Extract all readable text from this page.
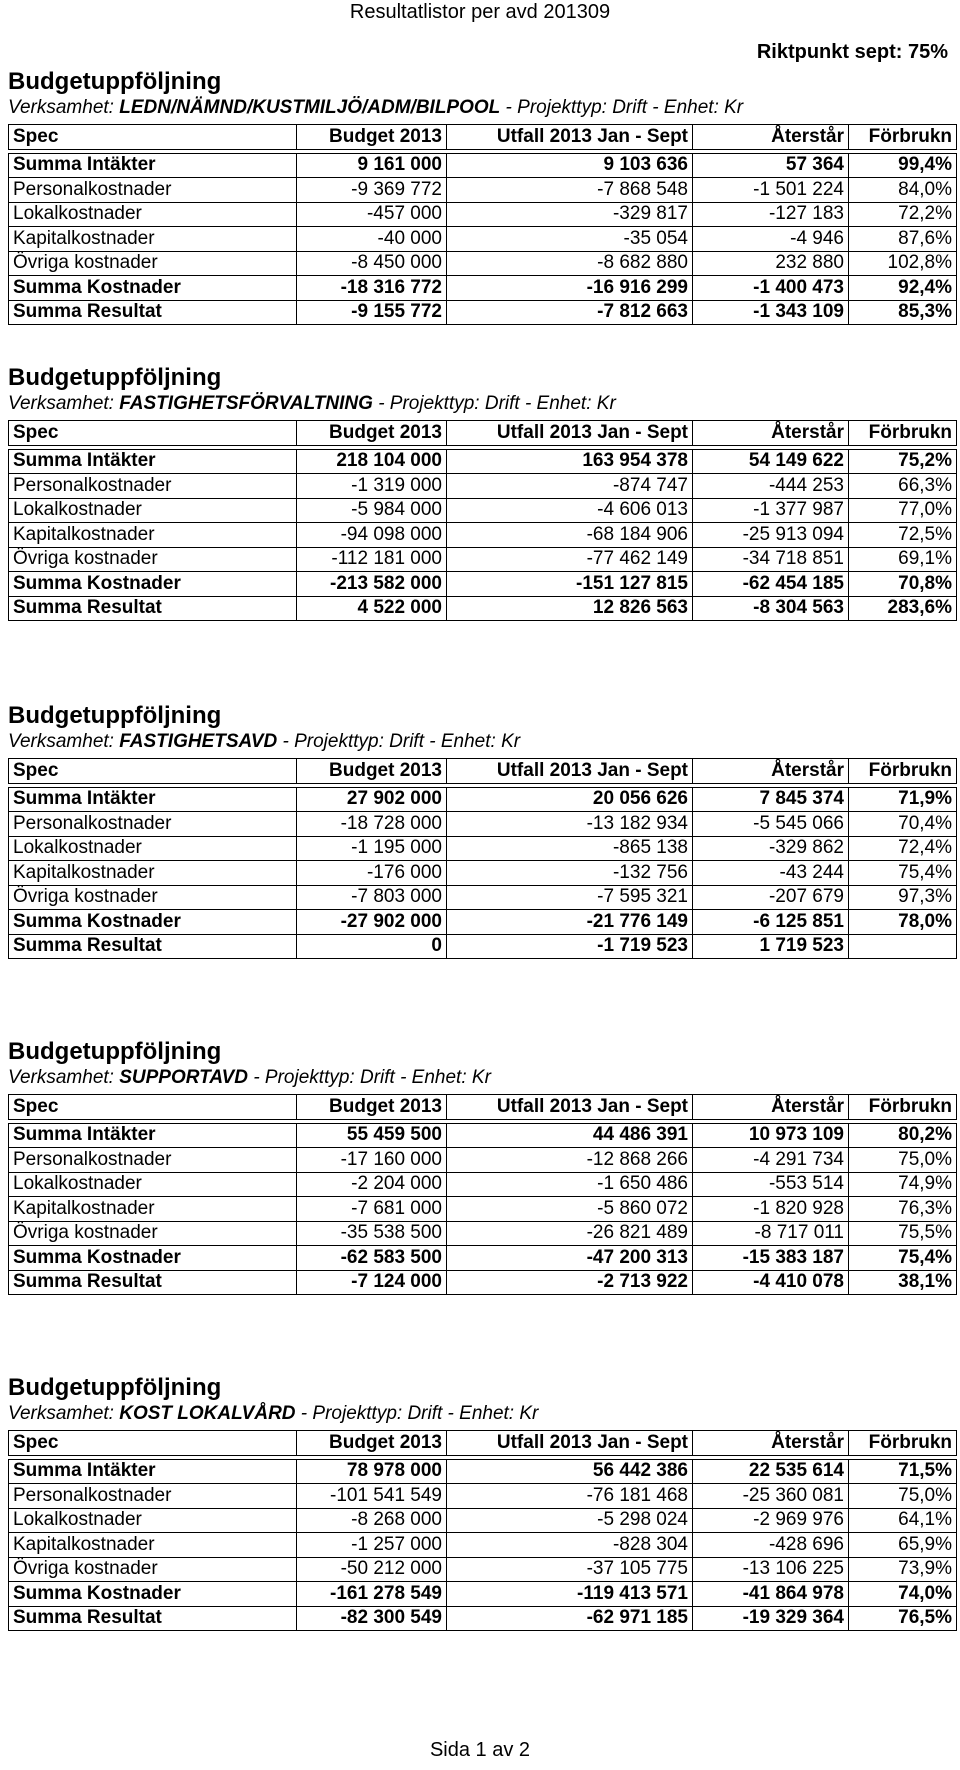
Resultatlistor per avd 201309
Riktpunkt sept: 75%
Budgetuppföljning
Verksamhet: LEDN/NÄMND/KUSTMILJÖ/ADM/BILPOOL - Projekttyp: Drift - Enhet: Kr
Spec	Budget 2013	Utfall 2013 Jan - Sept	Återstår	Förbrukn

Summa Intäkter	9 161 000	9 103 636	57 364	99,4%
Personalkostnader	-9 369 772	-7 868 548	-1 501 224	84,0%
Lokalkostnader	-457 000	-329 817	-127 183	72,2%
Kapitalkostnader	-40 000	-35 054	-4 946	87,6%
Övriga kostnader	-8 450 000	-8 682 880	232 880	102,8%
Summa Kostnader	-18 316 772	-16 916 299	-1 400 473	92,4%
Summa Resultat	-9 155 772	-7 812 663	-1 343 109	85,3%
Budgetuppföljning
Verksamhet: FASTIGHETSFÖRVALTNING - Projekttyp: Drift - Enhet: Kr
Spec	Budget 2013	Utfall 2013 Jan - Sept	Återstår	Förbrukn

Summa Intäkter	218 104 000	163 954 378	54 149 622	75,2%
Personalkostnader	-1 319 000	-874 747	-444 253	66,3%
Lokalkostnader	-5 984 000	-4 606 013	-1 377 987	77,0%
Kapitalkostnader	-94 098 000	-68 184 906	-25 913 094	72,5%
Övriga kostnader	-112 181 000	-77 462 149	-34 718 851	69,1%
Summa Kostnader	-213 582 000	-151 127 815	-62 454 185	70,8%
Summa Resultat	4 522 000	12 826 563	-8 304 563	283,6%
Budgetuppföljning
Verksamhet: FASTIGHETSAVD - Projekttyp: Drift - Enhet: Kr
Spec	Budget 2013	Utfall 2013 Jan - Sept	Återstår	Förbrukn

Summa Intäkter	27 902 000	20 056 626	7 845 374	71,9%
Personalkostnader	-18 728 000	-13 182 934	-5 545 066	70,4%
Lokalkostnader	-1 195 000	-865 138	-329 862	72,4%
Kapitalkostnader	-176 000	-132 756	-43 244	75,4%
Övriga kostnader	-7 803 000	-7 595 321	-207 679	97,3%
Summa Kostnader	-27 902 000	-21 776 149	-6 125 851	78,0%
Summa Resultat	0	-1 719 523	1 719 523	
Budgetuppföljning
Verksamhet: SUPPORTAVD - Projekttyp: Drift - Enhet: Kr
Spec	Budget 2013	Utfall 2013 Jan - Sept	Återstår	Förbrukn

Summa Intäkter	55 459 500	44 486 391	10 973 109	80,2%
Personalkostnader	-17 160 000	-12 868 266	-4 291 734	75,0%
Lokalkostnader	-2 204 000	-1 650 486	-553 514	74,9%
Kapitalkostnader	-7 681 000	-5 860 072	-1 820 928	76,3%
Övriga kostnader	-35 538 500	-26 821 489	-8 717 011	75,5%
Summa Kostnader	-62 583 500	-47 200 313	-15 383 187	75,4%
Summa Resultat	-7 124 000	-2 713 922	-4 410 078	38,1%
Budgetuppföljning
Verksamhet: KOST LOKALVÅRD - Projekttyp: Drift - Enhet: Kr
Spec	Budget 2013	Utfall 2013 Jan - Sept	Återstår	Förbrukn

Summa Intäkter	78 978 000	56 442 386	22 535 614	71,5%
Personalkostnader	-101 541 549	-76 181 468	-25 360 081	75,0%
Lokalkostnader	-8 268 000	-5 298 024	-2 969 976	64,1%
Kapitalkostnader	-1 257 000	-828 304	-428 696	65,9%
Övriga kostnader	-50 212 000	-37 105 775	-13 106 225	73,9%
Summa Kostnader	-161 278 549	-119 413 571	-41 864 978	74,0%
Summa Resultat	-82 300 549	-62 971 185	-19 329 364	76,5%
Sida 1 av 2
